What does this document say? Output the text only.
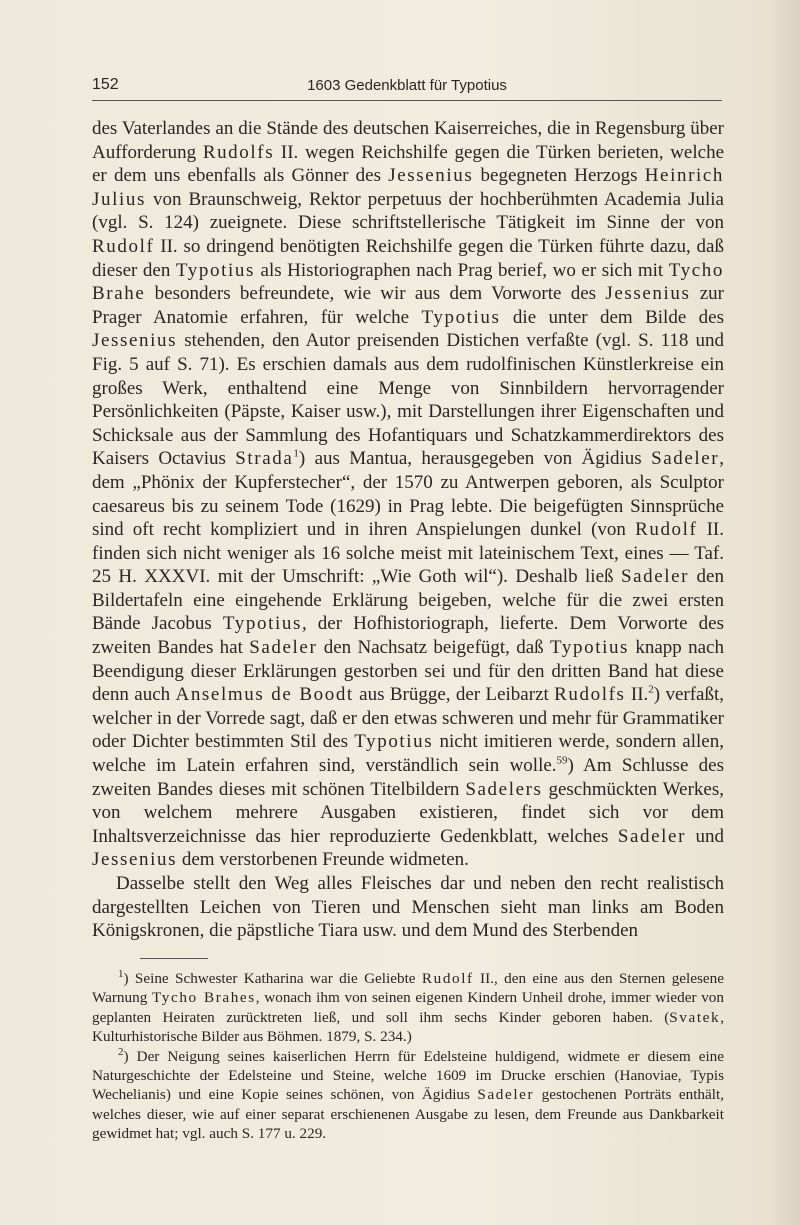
152	1603 Gedenkblatt für Typotius

des Vaterlandes an die Stände des deutschen Kaiserreiches, die in Regensburg über Aufforderung Rudolfs II. wegen Reichshilfe gegen die Türken berieten, welche er dem uns ebenfalls als Gönner des Jessenius begegneten Herzogs Heinrich Julius von Braunschweig, Rektor perpetuus der hochberühmten Academia Julia (vgl. S. 124) zueignete. Diese schriftstellerische Tätigkeit im Sinne der von Rudolf II. so dringend benötigten Reichshilfe gegen die Türken führte dazu, daß dieser den Typotius als Historiographen nach Prag berief, wo er sich mit Tycho Brahe besonders befreundete, wie wir aus dem Vorworte des Jessenius zur Prager Anatomie erfahren, für welche Typotius die unter dem Bilde des Jessenius stehenden, den Autor preisenden Distichen verfaßte (vgl. S. 118 und Fig. 5 auf S. 71). Es erschien damals aus dem rudolfinischen Künstlerkreise ein großes Werk, enthaltend eine Menge von Sinnbildern hervorragender Persönlichkeiten (Päpste, Kaiser usw.), mit Darstellungen ihrer Eigenschaften und Schicksale aus der Sammlung des Hofantiquars und Schatzkammerdirektors des Kaisers Octavius Strada$^1$) aus Mantua, herausgegeben von Ägidius Sadeler, dem „Phönix der Kupferstecher“, der 1570 zu Antwerpen geboren, als Sculptor caesareus bis zu seinem Tode (1629) in Prag lebte. Die beigefügten Sinnsprüche sind oft recht kompliziert und in ihren Anspielungen dunkel (von Rudolf II. finden sich nicht weniger als 16 solche meist mit lateinischem Text, eines — Taf. 25 H. XXXVI. mit der Umschrift: „Wie Goth wil“). Deshalb ließ Sadeler den Bildertafeln eine eingehende Erklärung beigeben, welche für die zwei ersten Bände Jacobus Typotius, der Hofhistoriograph, lieferte. Dem Vorworte des zweiten Bandes hat Sadeler den Nachsatz beigefügt, daß Typotius knapp nach Beendigung dieser Erklärungen gestorben sei und für den dritten Band hat diese denn auch Anselmus de Boodt aus Brügge, der Leibarzt Rudolfs II.$^2$) verfaßt, welcher in der Vorrede sagt, daß er den etwas schweren und mehr für Grammatiker oder Dichter bestimmten Stil des Typotius nicht imitieren werde, sondern allen, welche im Latein erfahren sind, verständlich sein wolle.$^{59}$) Am Schlusse des zweiten Bandes dieses mit schönen Titelbildern Sadelers geschmückten Werkes, von welchem mehrere Ausgaben existieren, findet sich vor dem Inhaltsverzeichnisse das hier reproduzierte Gedenkblatt, welches Sadeler und Jessenius dem verstorbenen Freunde widmeten.

Dasselbe stellt den Weg alles Fleisches dar und neben den recht realistisch dargestellten Leichen von Tieren und Menschen sieht man links am Boden Königskronen, die päpstliche Tiara usw. und dem Mund des Sterbenden

$^1$) Seine Schwester Katharina war die Geliebte Rudolf II., den eine aus den Sternen gelesene Warnung Tycho Brahes, wonach ihm von seinen eigenen Kindern Unheil drohe, immer wieder von geplanten Heiraten zurücktreten ließ, und soll ihm sechs Kinder geboren haben. (Svatek, Kulturhistorische Bilder aus Böhmen. 1879, S. 234.)

$^2$) Der Neigung seines kaiserlichen Herrn für Edelsteine huldigend, widmete er diesem eine Naturgeschichte der Edelsteine und Steine, welche 1609 im Drucke erschien (Hanoviae, Typis Wechelianis) und eine Kopie seines schönen, von Ägidius Sadeler gestochenen Porträts enthält, welches dieser, wie auf einer separat erschienenen Ausgabe zu lesen, dem Freunde aus Dankbarkeit gewidmet hat; vgl. auch S. 177 u. 229.
